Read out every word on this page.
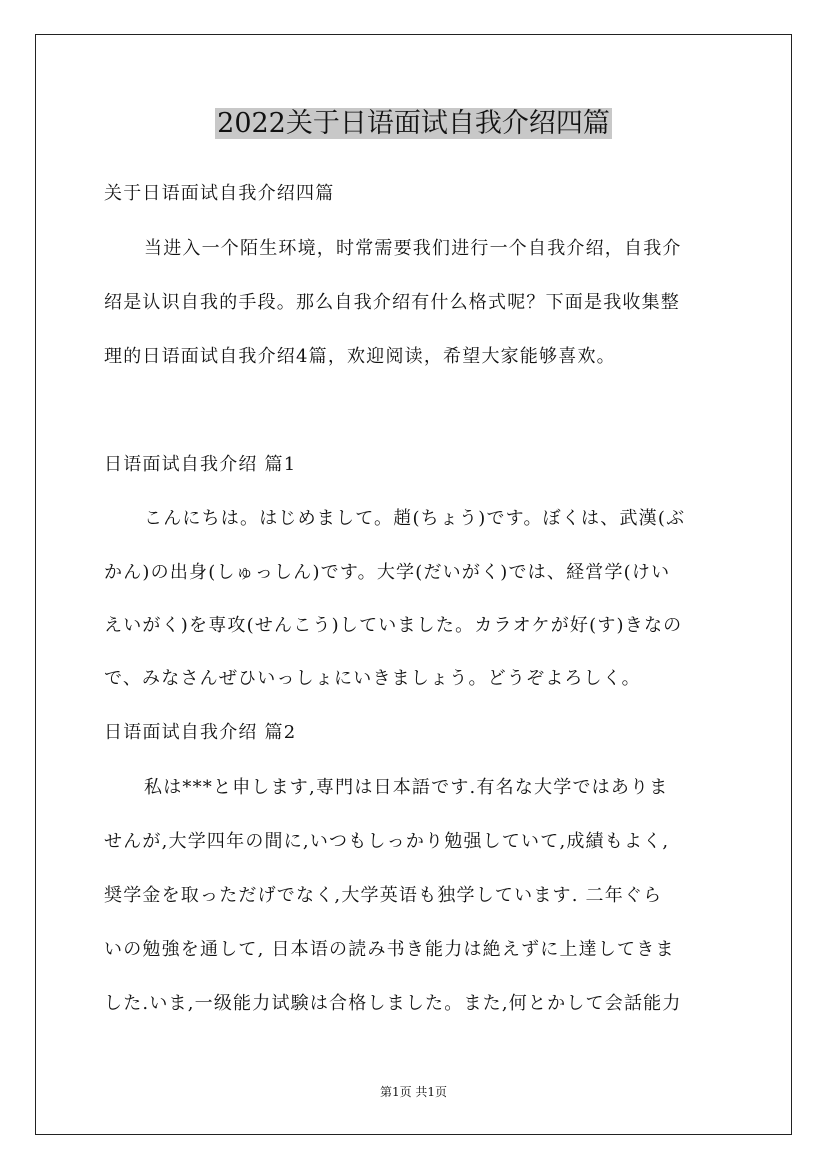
2022关于日语面试自我介绍四篇
关于日语面试自我介绍四篇
当进入一个陌生环境，时常需要我们进行一个自我介绍，自我介
绍是认识自我的手段。那么自我介绍有什么格式呢？下面是我收集整
理的日语面试自我介绍4篇，欢迎阅读，希望大家能够喜欢。
日语面试自我介绍 篇1
こんにちは。はじめまして。趙(ちょう)です。ぼくは、武漢(ぶ
かん)の出身(しゅっしん)です。大学(だいがく)では、経営学(けい
えいがく)を専攻(せんこう)していました。カラオケが好(す)きなの
で、みなさんぜひいっしょにいきましょう。どうぞよろしく。
日语面试自我介绍 篇2
私は***と申します,専門は日本語です.有名な大学ではありま
せんが,大学四年の間に,いつもしっかり勉强していて,成績もよく,
奨学金を取っただげでなく,大学英语も独学しています. 二年ぐら
いの勉強を通して, 日本语の読み书き能力は絶えずに上達してきま
した.いま,一级能力试験は合格しました。また,何とかして会話能力
第1页 共1页
